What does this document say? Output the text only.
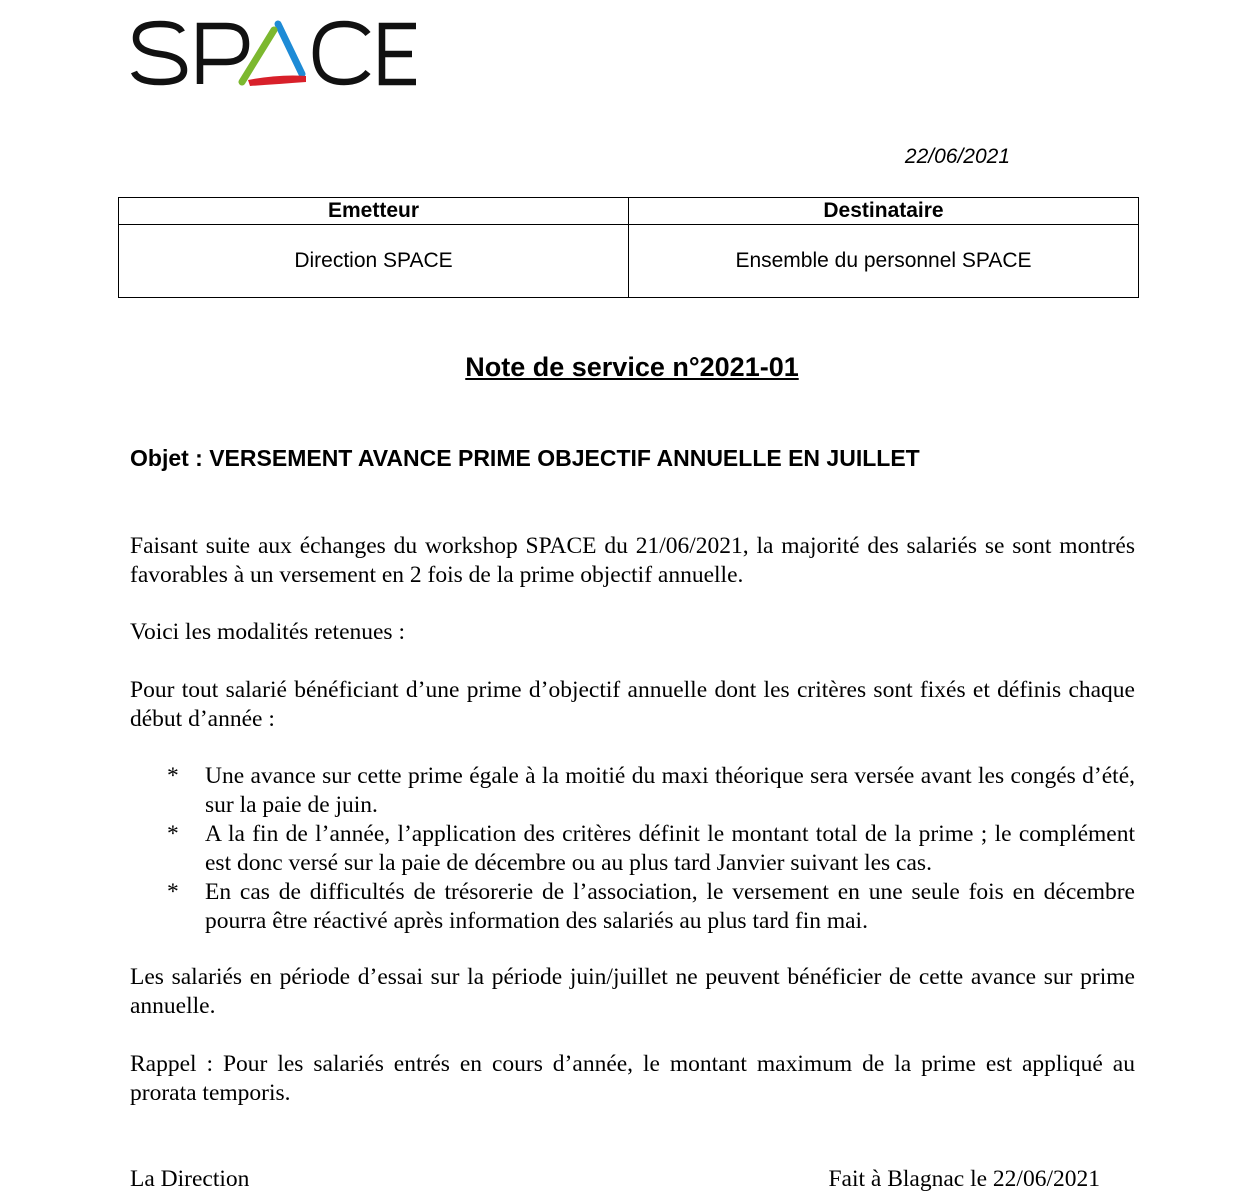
22/06/2021
Emetteur	Destinataire
Direction SPACE	Ensemble du personnel SPACE
Note de service n°2021-01
Objet : VERSEMENT AVANCE PRIME OBJECTIF ANNUELLE EN JUILLET
Faisant suite aux échanges du workshop SPACE du 21/06/2021, la majorité des salariés se sont montrés favorables à un versement en 2 fois de la prime objectif annuelle.
Voici les modalités retenues :
Pour tout salarié bénéficiant d’une prime d’objectif annuelle dont les critères sont fixés et définis chaque début d’année :
* Une avance sur cette prime égale à la moitié du maxi théorique sera versée avant les congés d’été, sur la paie de juin.
* A la fin de l’année, l’application des critères définit le montant total de la prime ; le complément est donc versé sur la paie de décembre ou au plus tard Janvier suivant les cas.
* En cas de difficultés de trésorerie de l’association, le versement en une seule fois en décembre pourra être réactivé après information des salariés au plus tard fin mai.
Les salariés en période d’essai sur la période juin/juillet ne peuvent bénéficier de cette avance sur prime annuelle.
Rappel : Pour les salariés entrés en cours d’année, le montant maximum de la prime est appliqué au prorata temporis.
La Direction	Fait à Blagnac le 22/06/2021
